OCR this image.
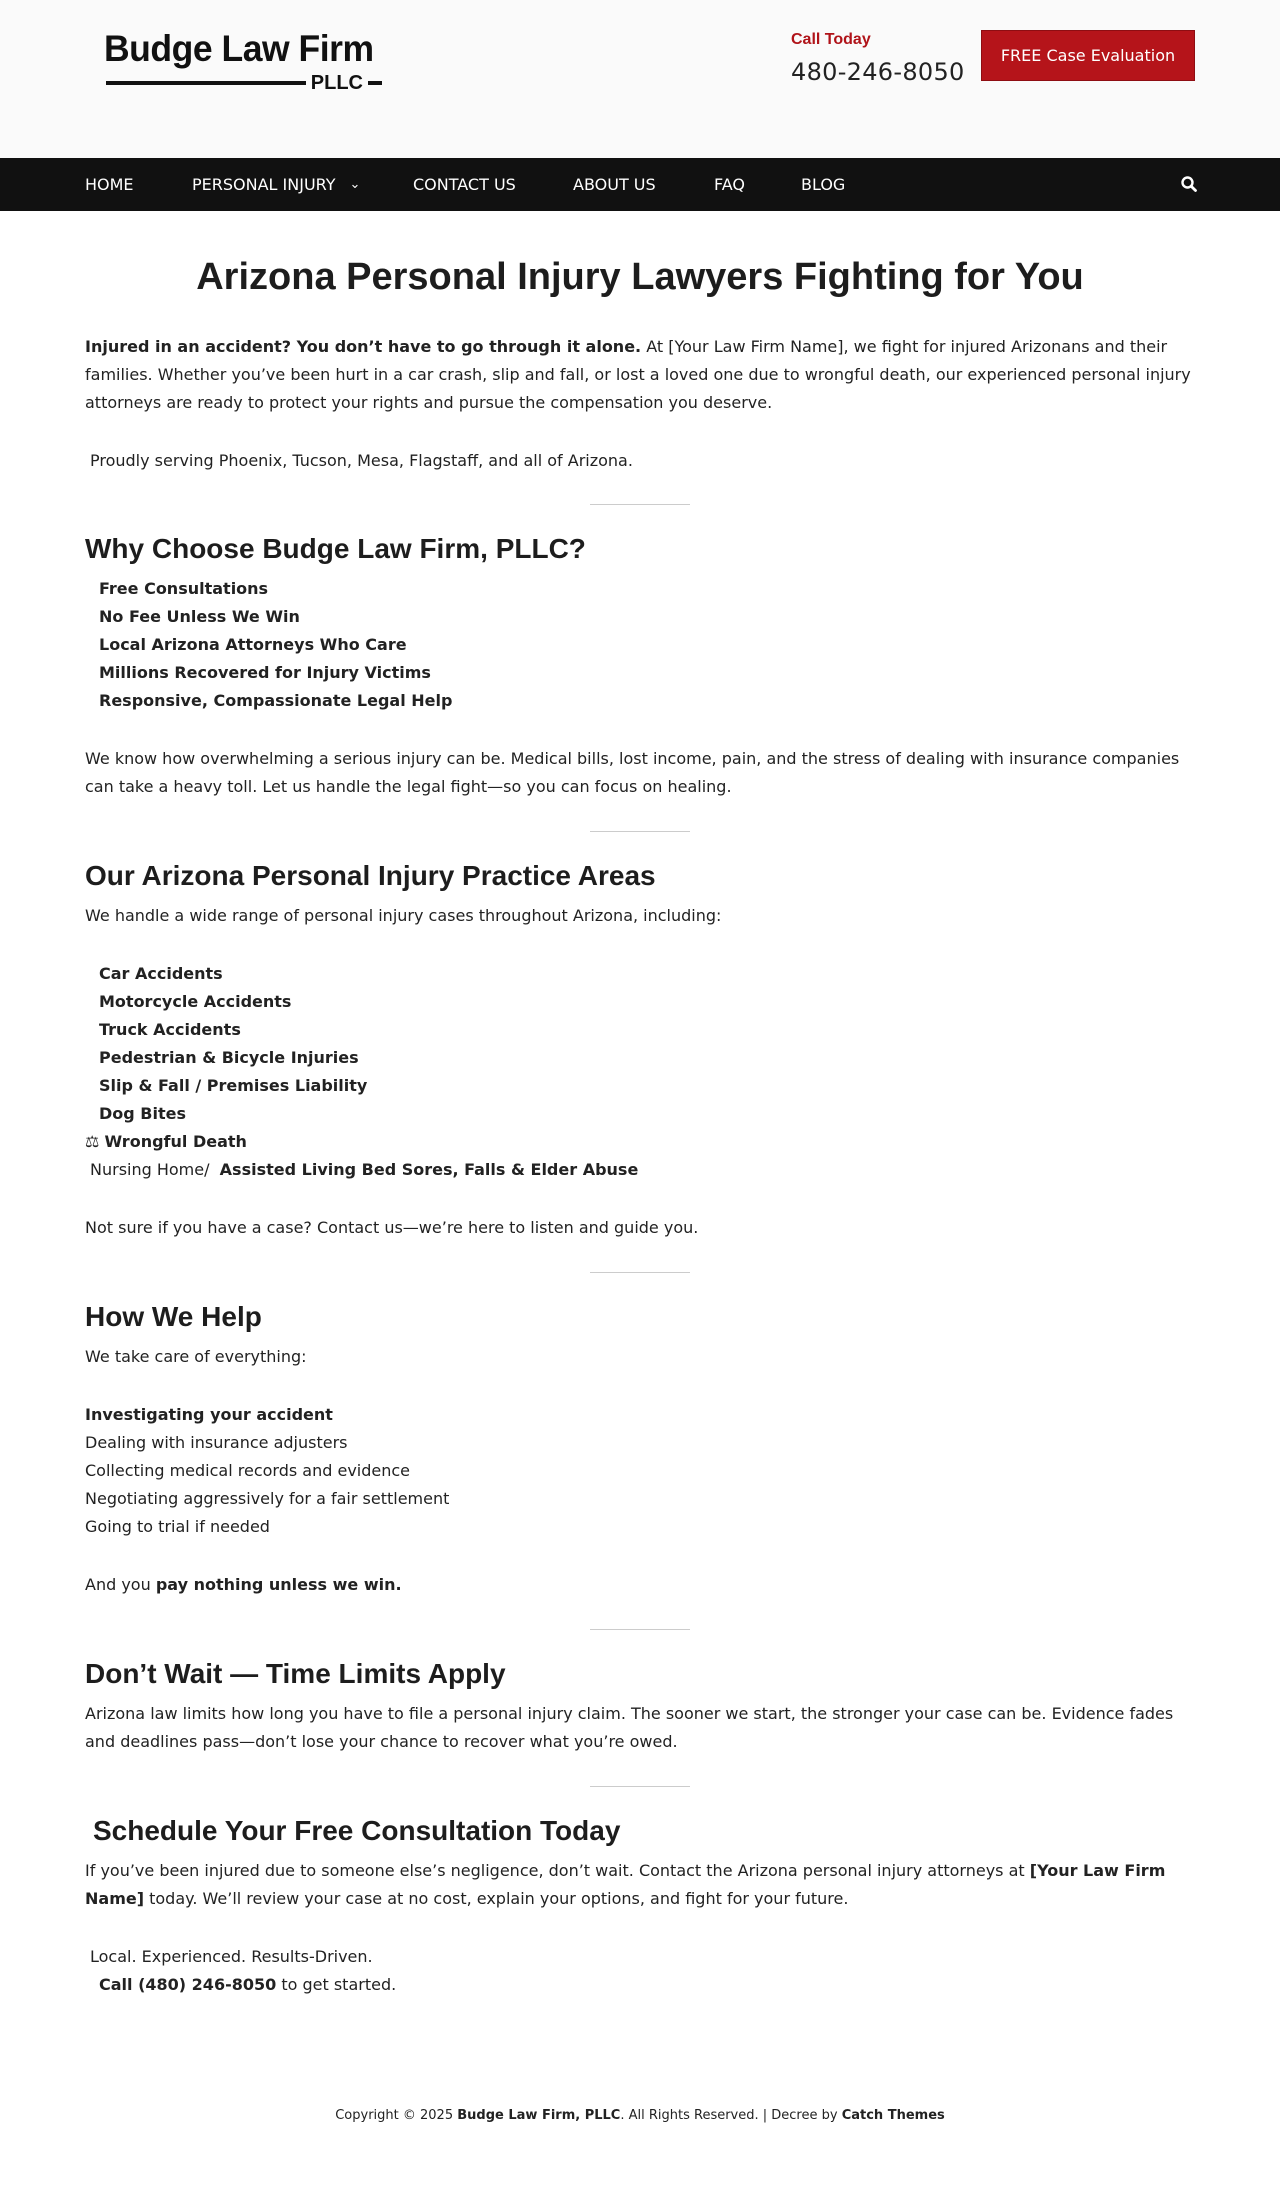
Budge Law Firm
PLLC
Call Today
480-246-8050
FREE Case Evaluation
HOME	PERSONAL INJURY ⌄	CONTACT US	ABOUT US	FAQ	BLOG
Arizona Personal Injury Lawyers Fighting for You

Injured in an accident? You don’t have to go through it alone. At [Your Law Firm Name], we fight for injured Arizonans and their families. Whether you’ve been hurt in a car crash, slip and fall, or lost a loved one due to wrongful death, our experienced personal injury attorneys are ready to protect your rights and pursue the compensation you deserve.

Proudly serving Phoenix, Tucson, Mesa, Flagstaff, and all of Arizona.

Why Choose Budge Law Firm, PLLC?
Free Consultations
No Fee Unless We Win
Local Arizona Attorneys Who Care
Millions Recovered for Injury Victims
Responsive, Compassionate Legal Help

We know how overwhelming a serious injury can be. Medical bills, lost income, pain, and the stress of dealing with insurance companies can take a heavy toll. Let us handle the legal fight—so you can focus on healing.

Our Arizona Personal Injury Practice Areas

We handle a wide range of personal injury cases throughout Arizona, including:

Car Accidents
Motorcycle Accidents
Truck Accidents
Pedestrian & Bicycle Injuries
Slip & Fall / Premises Liability
Dog Bites
⚖ Wrongful Death
Nursing Home/ Assisted Living Bed Sores, Falls & Elder Abuse

Not sure if you have a case? Contact us—we’re here to listen and guide you.

How We Help

We take care of everything:

Investigating your accident
Dealing with insurance adjusters
Collecting medical records and evidence
Negotiating aggressively for a fair settlement
Going to trial if needed

And you pay nothing unless we win.

Don’t Wait — Time Limits Apply

Arizona law limits how long you have to file a personal injury claim. The sooner we start, the stronger your case can be. Evidence fades and deadlines pass—don’t lose your chance to recover what you’re owed.

Schedule Your Free Consultation Today

If you’ve been injured due to someone else’s negligence, don’t wait. Contact the Arizona personal injury attorneys at [Your Law Firm Name] today. We’ll review your case at no cost, explain your options, and fight for your future.

Local. Experienced. Results-Driven.

Call (480) 246-8050 to get started.

Copyright © 2025 Budge Law Firm, PLLC. All Rights Reserved. | Decree by Catch Themes
